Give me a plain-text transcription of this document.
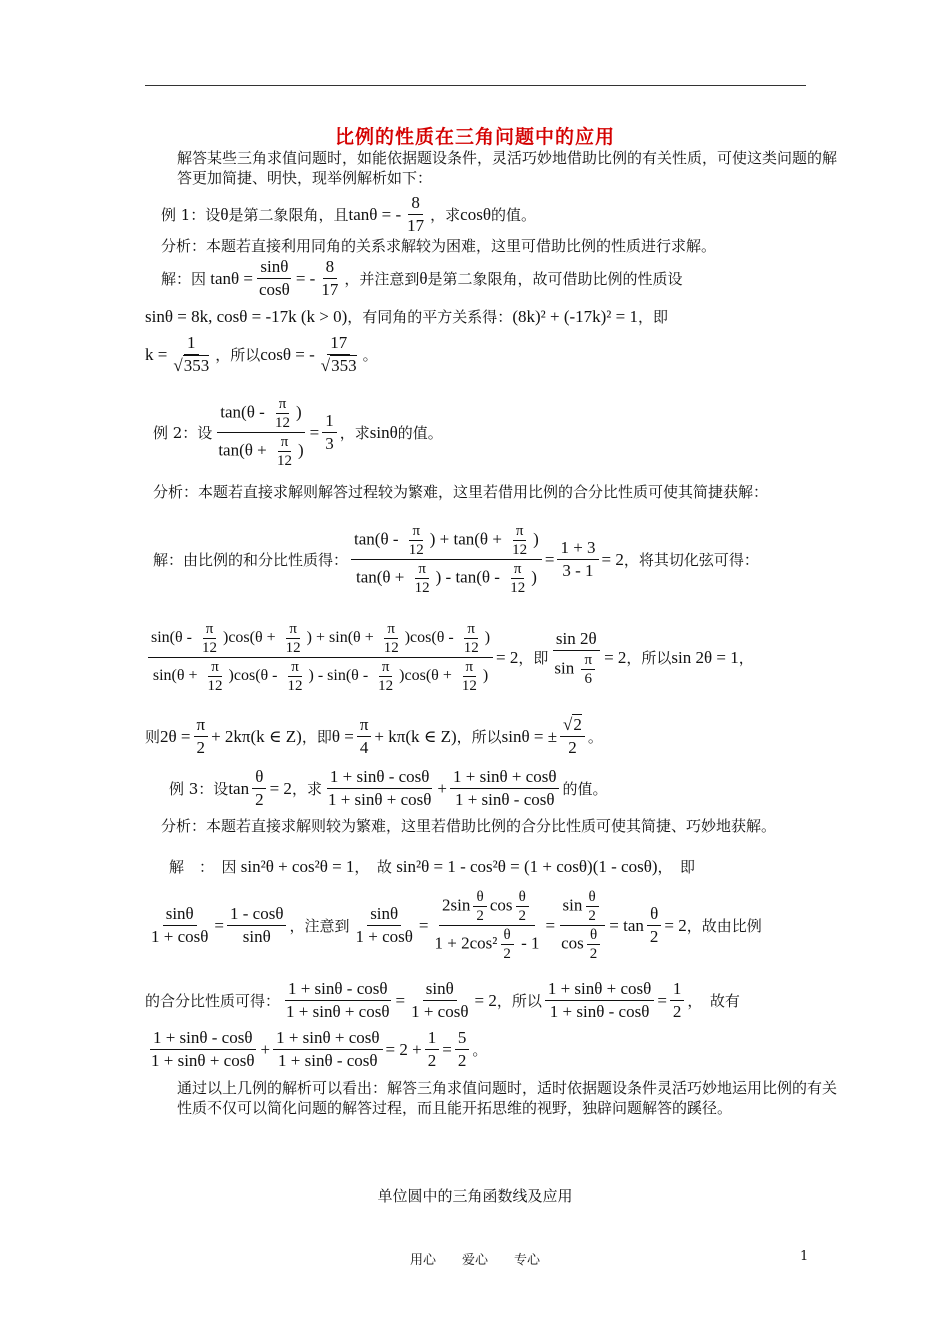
比例的性质在三角问题中的应用
解答某些三角求值问题时，如能依据题设条件，灵活巧妙地借助比例的有关性质，可使这类问题的解答更加简捷、明快，现举例解析如下：
例 1：设 θ 是第二象限角，且 tanθ = - $\frac{8}{17}$ ，求 cosθ 的值。
分析：本题若直接利用同角的关系求解较为困难，这里可借助比例的性质进行求解。
解：因 $\tan\theta = \frac{\sin\theta}{\cos\theta}$ = - $\frac{8}{17}$ ，并注意到 θ 是第二象限角，故可借助比例的性质设
sinθ = 8k, cosθ = -17k (k > 0) ，有同角的平方关系得： (8k)² + (-17k)² = 1 ，即
$k = \frac{1}{√353}$ ，所以 cosθ = - $\frac{17}{√353}$ 。
例 2：设 $\frac{\tan(\theta - \frac{\pi}{12} )}{\tan(\theta + \frac{\pi}{12} )} = \frac{1}{3}$ ，求 sinθ 的值。
分析：本题若直接求解则解答过程较为繁难，这里若借用比例的合分比性质可使其简捷获解：
解：由比例的和分比性质得： $\frac{\tan(\theta - \frac{\pi}{12} ) + \tan(\theta + \frac{\pi}{12} )}{\tan(\theta + \frac{\pi}{12} ) - \tan(\theta - \frac{\pi}{12} )} = \frac{1 + 3}{3 - 1} = 2$ ，将其切化弦可得：
$\frac{\sin(\theta - \frac{\pi}{12} )\cos(\theta + \frac{\pi}{12} ) + \sin(\theta + \frac{\pi}{12} )\cos(\theta - \frac{\pi}{12} )}{\sin(\theta + \frac{\pi}{12} )\cos(\theta - \frac{\pi}{12} ) - \sin(\theta - \frac{\pi}{12} )\cos(\theta + \frac{\pi}{12} )} = 2$ ，即 $\frac{\sin 2\theta}{\sin \frac{\pi}{6}} = 2$ ，所以 sin 2θ = 1 ，
则 $2\theta = \frac{\pi}{2} + 2k\pi(k$ ∈ Z) ，即 $\theta = \frac{\pi}{4} + k\pi(k$ ∈ Z) ，所以 sinθ = ± $\frac{√2}{2}$ 。
例 3：设 $\tan \frac{\theta}{2} = 2$ ，求 $\frac{1 + \sin\theta - \cos\theta}{1 + \sin\theta + \cos\theta} + \frac{1 + \sin\theta + \cos\theta}{1 + \sin\theta - \cos\theta}$ 的值。
分析：本题若直接求解则较为繁难，这里若借助比例的合分比性质可使其简捷、巧妙地获解。
解　：　因 sin²θ + cos²θ = 1 ，　故 sin²θ = 1 - cos²θ = (1 + cosθ)(1 - cosθ) ，　即
$\frac{\sin\theta}{1 + \cos\theta} = \frac{1 - \cos\theta}{\sin\theta}$ ，注意到 $\frac{\sin\theta}{1 + \cos\theta} = \frac{2\sin \frac{\theta}{2} \cos \frac{\theta}{2}}{1 + 2\cos^2 \frac{\theta}{2} - 1} = \frac{\sin \frac{\theta}{2}}{\cos \frac{\theta}{2}} = \tan \frac{\theta}{2} = 2$ ，故由比例
的合分比性质可得： $\frac{1 + \sin\theta - \cos\theta}{1 + \sin\theta + \cos\theta} = \frac{\sin\theta}{1 + \cos\theta} = 2$ ，所以 $\frac{1 + \sin\theta + \cos\theta}{1 + \sin\theta - \cos\theta} = \frac{1}{2}$ ，　故有
$\frac{1 + \sin\theta - \cos\theta}{1 + \sin\theta + \cos\theta} + \frac{1 + \sin\theta + \cos\theta}{1 + \sin\theta - \cos\theta} = 2 + \frac{1}{2} = \frac{5}{2}$ 。
通过以上几例的解析可以看出：解答三角求值问题时，适时依据题设条件灵活巧妙地运用比例的有关性质不仅可以简化问题的解答过程，而且能开拓思维的视野，独辟问题解答的蹊径。
单位圆中的三角函数线及应用
用心　　爱心　　专心	1
